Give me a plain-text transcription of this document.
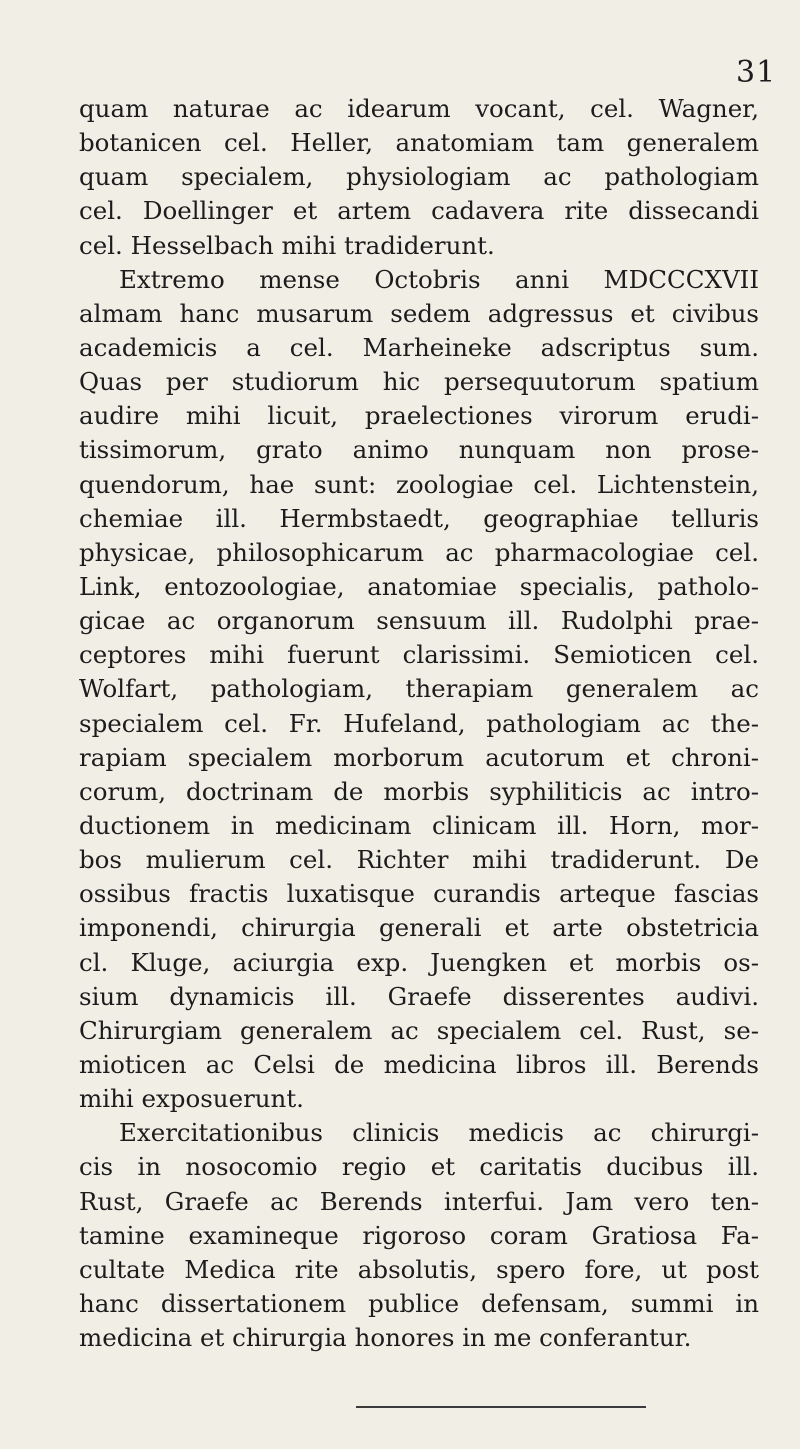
31
quam naturae ac idearum vocant, cel. Wagner,
botanicen cel. Heller, anatomiam tam generalem
quam specialem, physiologiam ac pathologiam
cel. Doellinger et artem cadavera rite dissecandi
cel. Hesselbach mihi tradiderunt.
Extremo mense Octobris anni MDCCCXVII
almam hanc musarum sedem adgressus et civibus
academicis a cel. Marheineke adscriptus sum.
Quas per studiorum hic persequutorum spatium
audire mihi licuit, praelectiones virorum erudi-
tissimorum, grato animo nunquam non prose-
quendorum, hae sunt: zoologiae cel. Lichtenstein,
chemiae ill. Hermbstaedt, geographiae telluris
physicae, philosophicarum ac pharmacologiae cel.
Link, entozoologiae, anatomiae specialis, patholo-
gicae ac organorum sensuum ill. Rudolphi prae-
ceptores mihi fuerunt clarissimi. Semioticen cel.
Wolfart, pathologiam, therapiam generalem ac
specialem cel. Fr. Hufeland, pathologiam ac the-
rapiam specialem morborum acutorum et chroni-
corum, doctrinam de morbis syphiliticis ac intro-
ductionem in medicinam clinicam ill. Horn, mor-
bos mulierum cel. Richter mihi tradiderunt. De
ossibus fractis luxatisque curandis arteque fascias
imponendi, chirurgia generali et arte obstetricia
cl. Kluge, aciurgia exp. Juengken et morbis os-
sium dynamicis ill. Graefe disserentes audivi.
Chirurgiam generalem ac specialem cel. Rust, se-
mioticen ac Celsi de medicina libros ill. Berends
mihi exposuerunt.
Exercitationibus clinicis medicis ac chirurgi-
cis in nosocomio regio et caritatis ducibus ill.
Rust, Graefe ac Berends interfui. Jam vero ten-
tamine examineque rigoroso coram Gratiosa Fa-
cultate Medica rite absolutis, spero fore, ut post
hanc dissertationem publice defensam, summi in
medicina et chirurgia honores in me conferantur.
